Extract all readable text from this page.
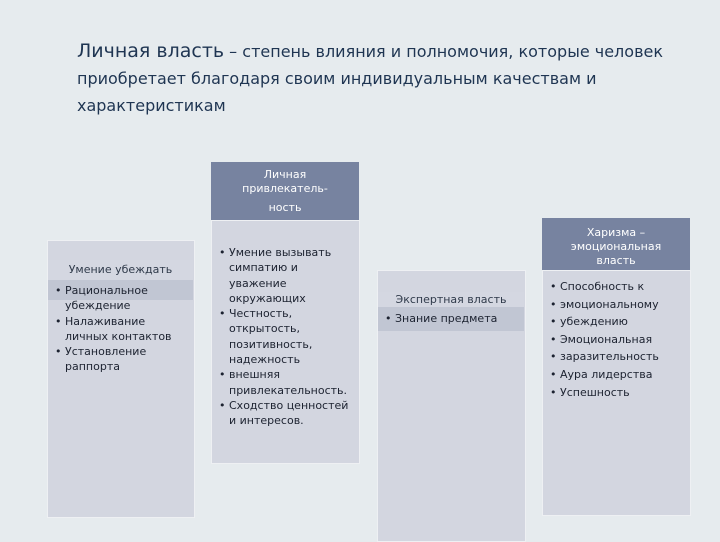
Личная власть – степень влияния и полномочия, которые человек приобретает благодаря своим индивидуальным качествам и характеристикам
Умение убеждать
• Рациональное убеждение
• Налаживание личных контактов
• Установление раппорта
Личная
привлекатель-
ность
• Умение вызывать симпатию и уважение окружающих
• Честность, открытость, позитивность, надежность
• внешняя привлекательность.
• Сходство ценностей и интересов.
Экспертная власть
• Знание предмета
Харизма –
эмоциональная
власть
• Способность к
• эмоциональному
• убеждению
• Эмоциональная
• заразительность
• Аура лидерства
• Успешность
